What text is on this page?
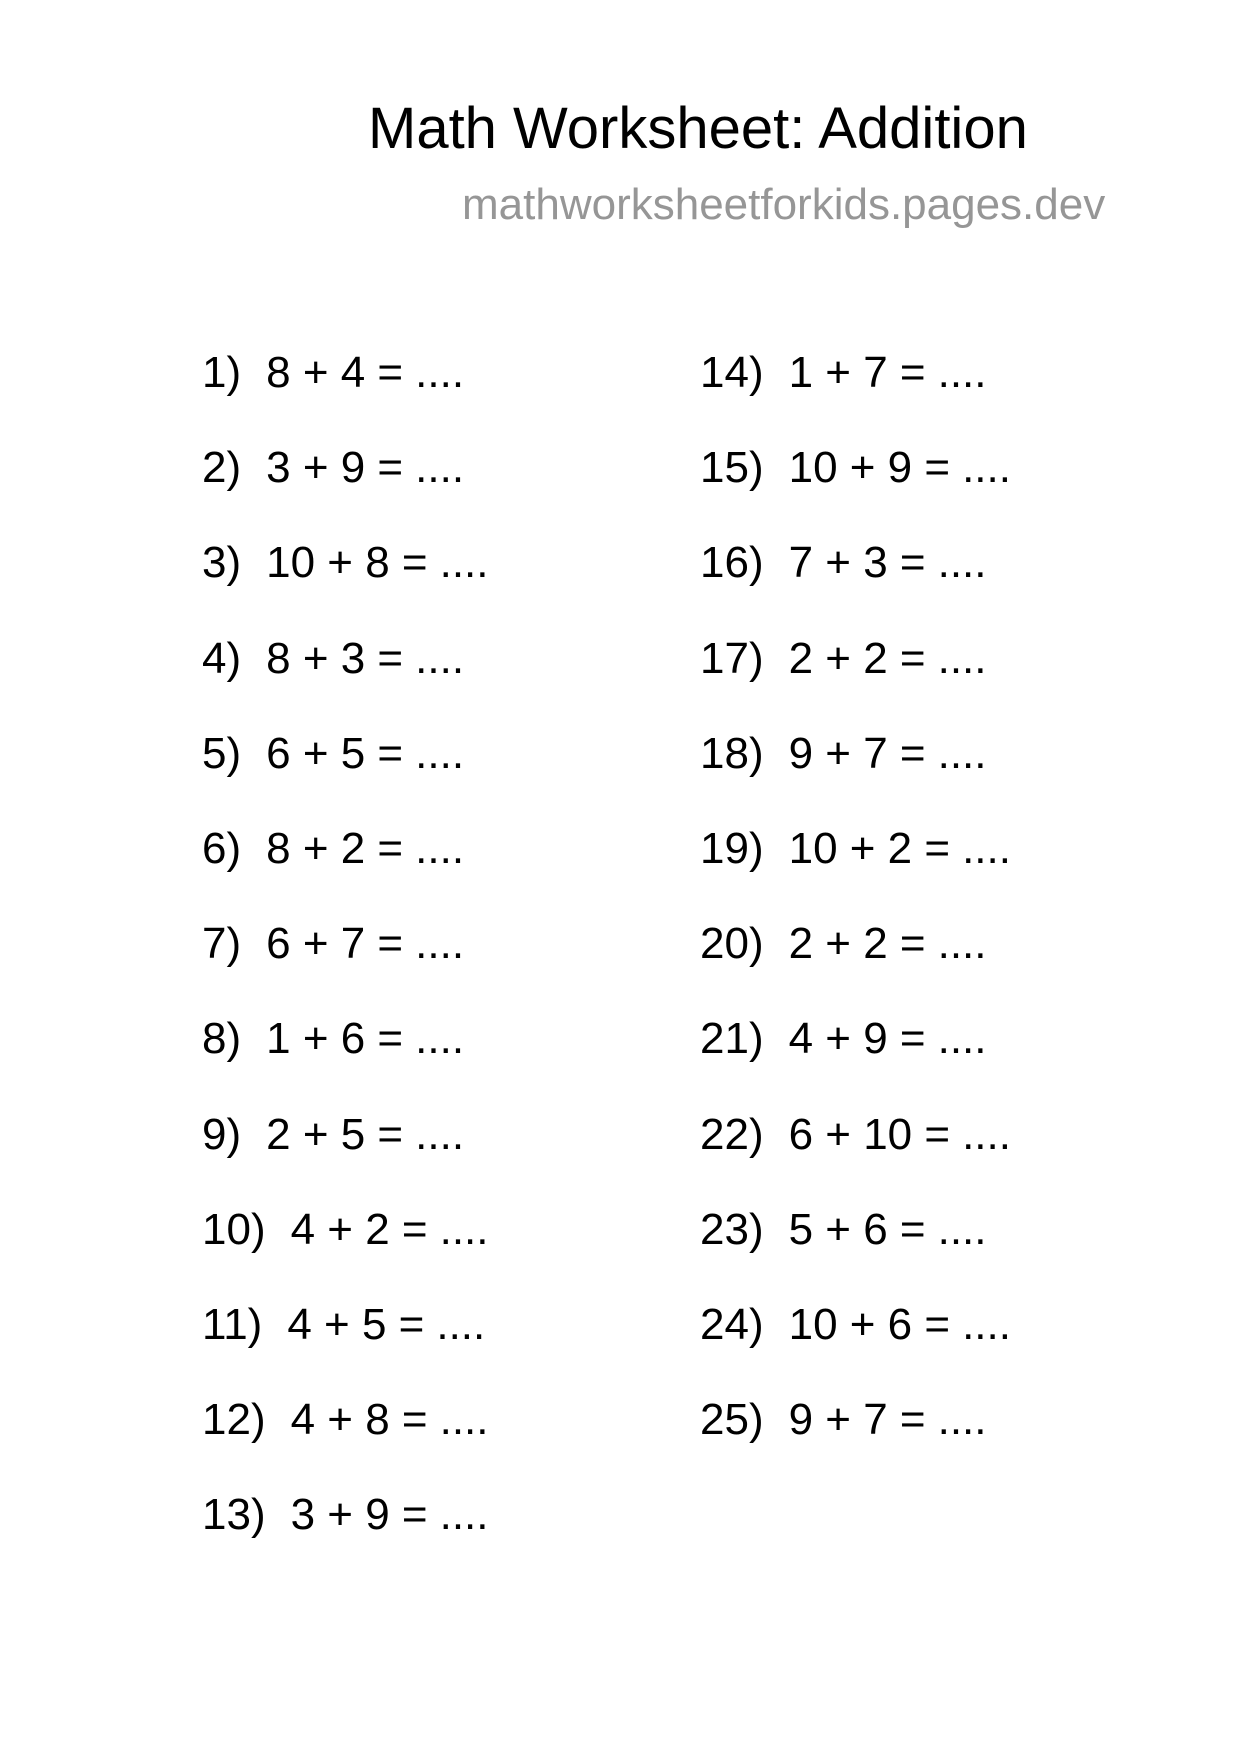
Math Worksheet: Addition
mathworksheetforkids.pages.dev
1) 8 + 4 = ....
2) 3 + 9 = ....
3) 10 + 8 = ....
4) 8 + 3 = ....
5) 6 + 5 = ....
6) 8 + 2 = ....
7) 6 + 7 = ....
8) 1 + 6 = ....
9) 2 + 5 = ....
10) 4 + 2 = ....
11) 4 + 5 = ....
12) 4 + 8 = ....
13) 3 + 9 = ....
14) 1 + 7 = ....
15) 10 + 9 = ....
16) 7 + 3 = ....
17) 2 + 2 = ....
18) 9 + 7 = ....
19) 10 + 2 = ....
20) 2 + 2 = ....
21) 4 + 9 = ....
22) 6 + 10 = ....
23) 5 + 6 = ....
24) 10 + 6 = ....
25) 9 + 7 = ....
